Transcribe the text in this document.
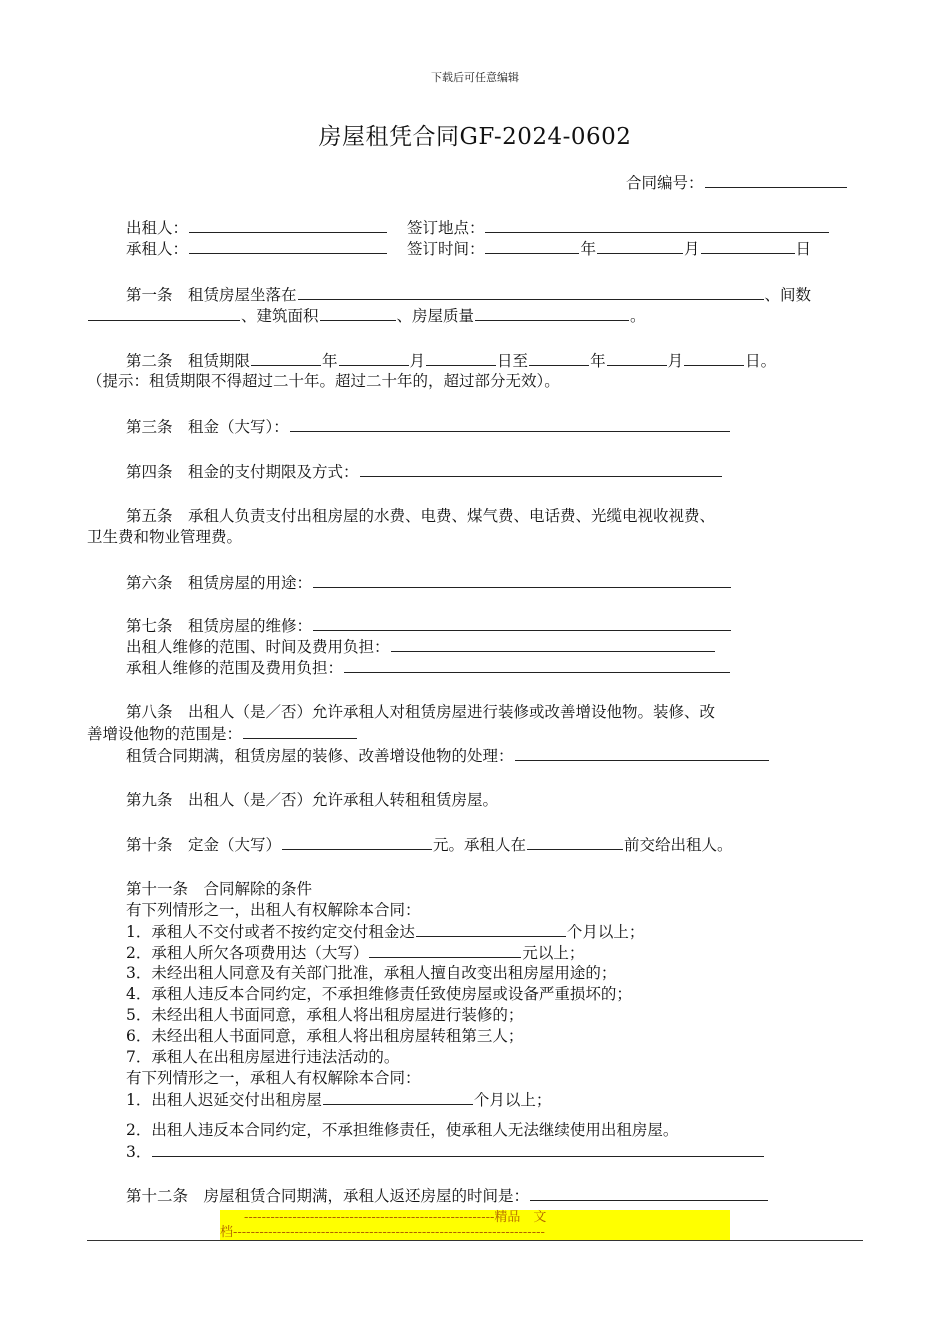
下载后可任意编辑
房屋租凭合同GF-2024-0602
合同编号：
出租人：	签订地点：
承租人：	签订时间：	年	月	日
第一条　租赁房屋坐落在	、间数
、建筑面积	、房屋质量	。
第二条　租赁期限	年	月	日至	年	月	日。
（提示：租赁期限不得超过二十年。超过二十年的，超过部分无效）。
第三条　租金（大写）：
第四条　租金的支付期限及方式：
第五条　承租人负责支付出租房屋的水费、电费、煤气费、电话费、光缆电视收视费、
卫生费和物业管理费。
第六条　租赁房屋的用途：
第七条　租赁房屋的维修：
出租人维修的范围、时间及费用负担：
承租人维修的范围及费用负担：
第八条　出租人（是／否）允许承租人对租赁房屋进行装修或改善增设他物。装修、改
善增设他物的范围是：
租赁合同期满，租赁房屋的装修、改善增设他物的处理：
第九条　出租人（是／否）允许承租人转租租赁房屋。
第十条　定金（大写）	元。承租人在	前交给出租人。
第十一条　合同解除的条件
有下列情形之一，出租人有权解除本合同：
1．承租人不交付或者不按约定交付租金达	个月以上；
2．承租人所欠各项费用达（大写）	元以上；
3．未经出租人同意及有关部门批准，承租人擅自改变出租房屋用途的；
4．承租人违反本合同约定，不承担维修责任致使房屋或设备严重损坏的；
5．未经出租人书面同意，承租人将出租房屋进行装修的；
6．未经出租人书面同意，承租人将出租房屋转租第三人；
7．承租人在出租房屋进行违法活动的。
有下列情形之一，承租人有权解除本合同：
1．出租人迟延交付出租房屋	个月以上；
2．出租人违反本合同约定，不承担维修责任，使承租人无法继续使用出租房屋。
3．
第十二条　房屋租赁合同期满，承租人返还房屋的时间是：
---------------------------------------------------------精品　文
档-----------------------------------------------------------------------
